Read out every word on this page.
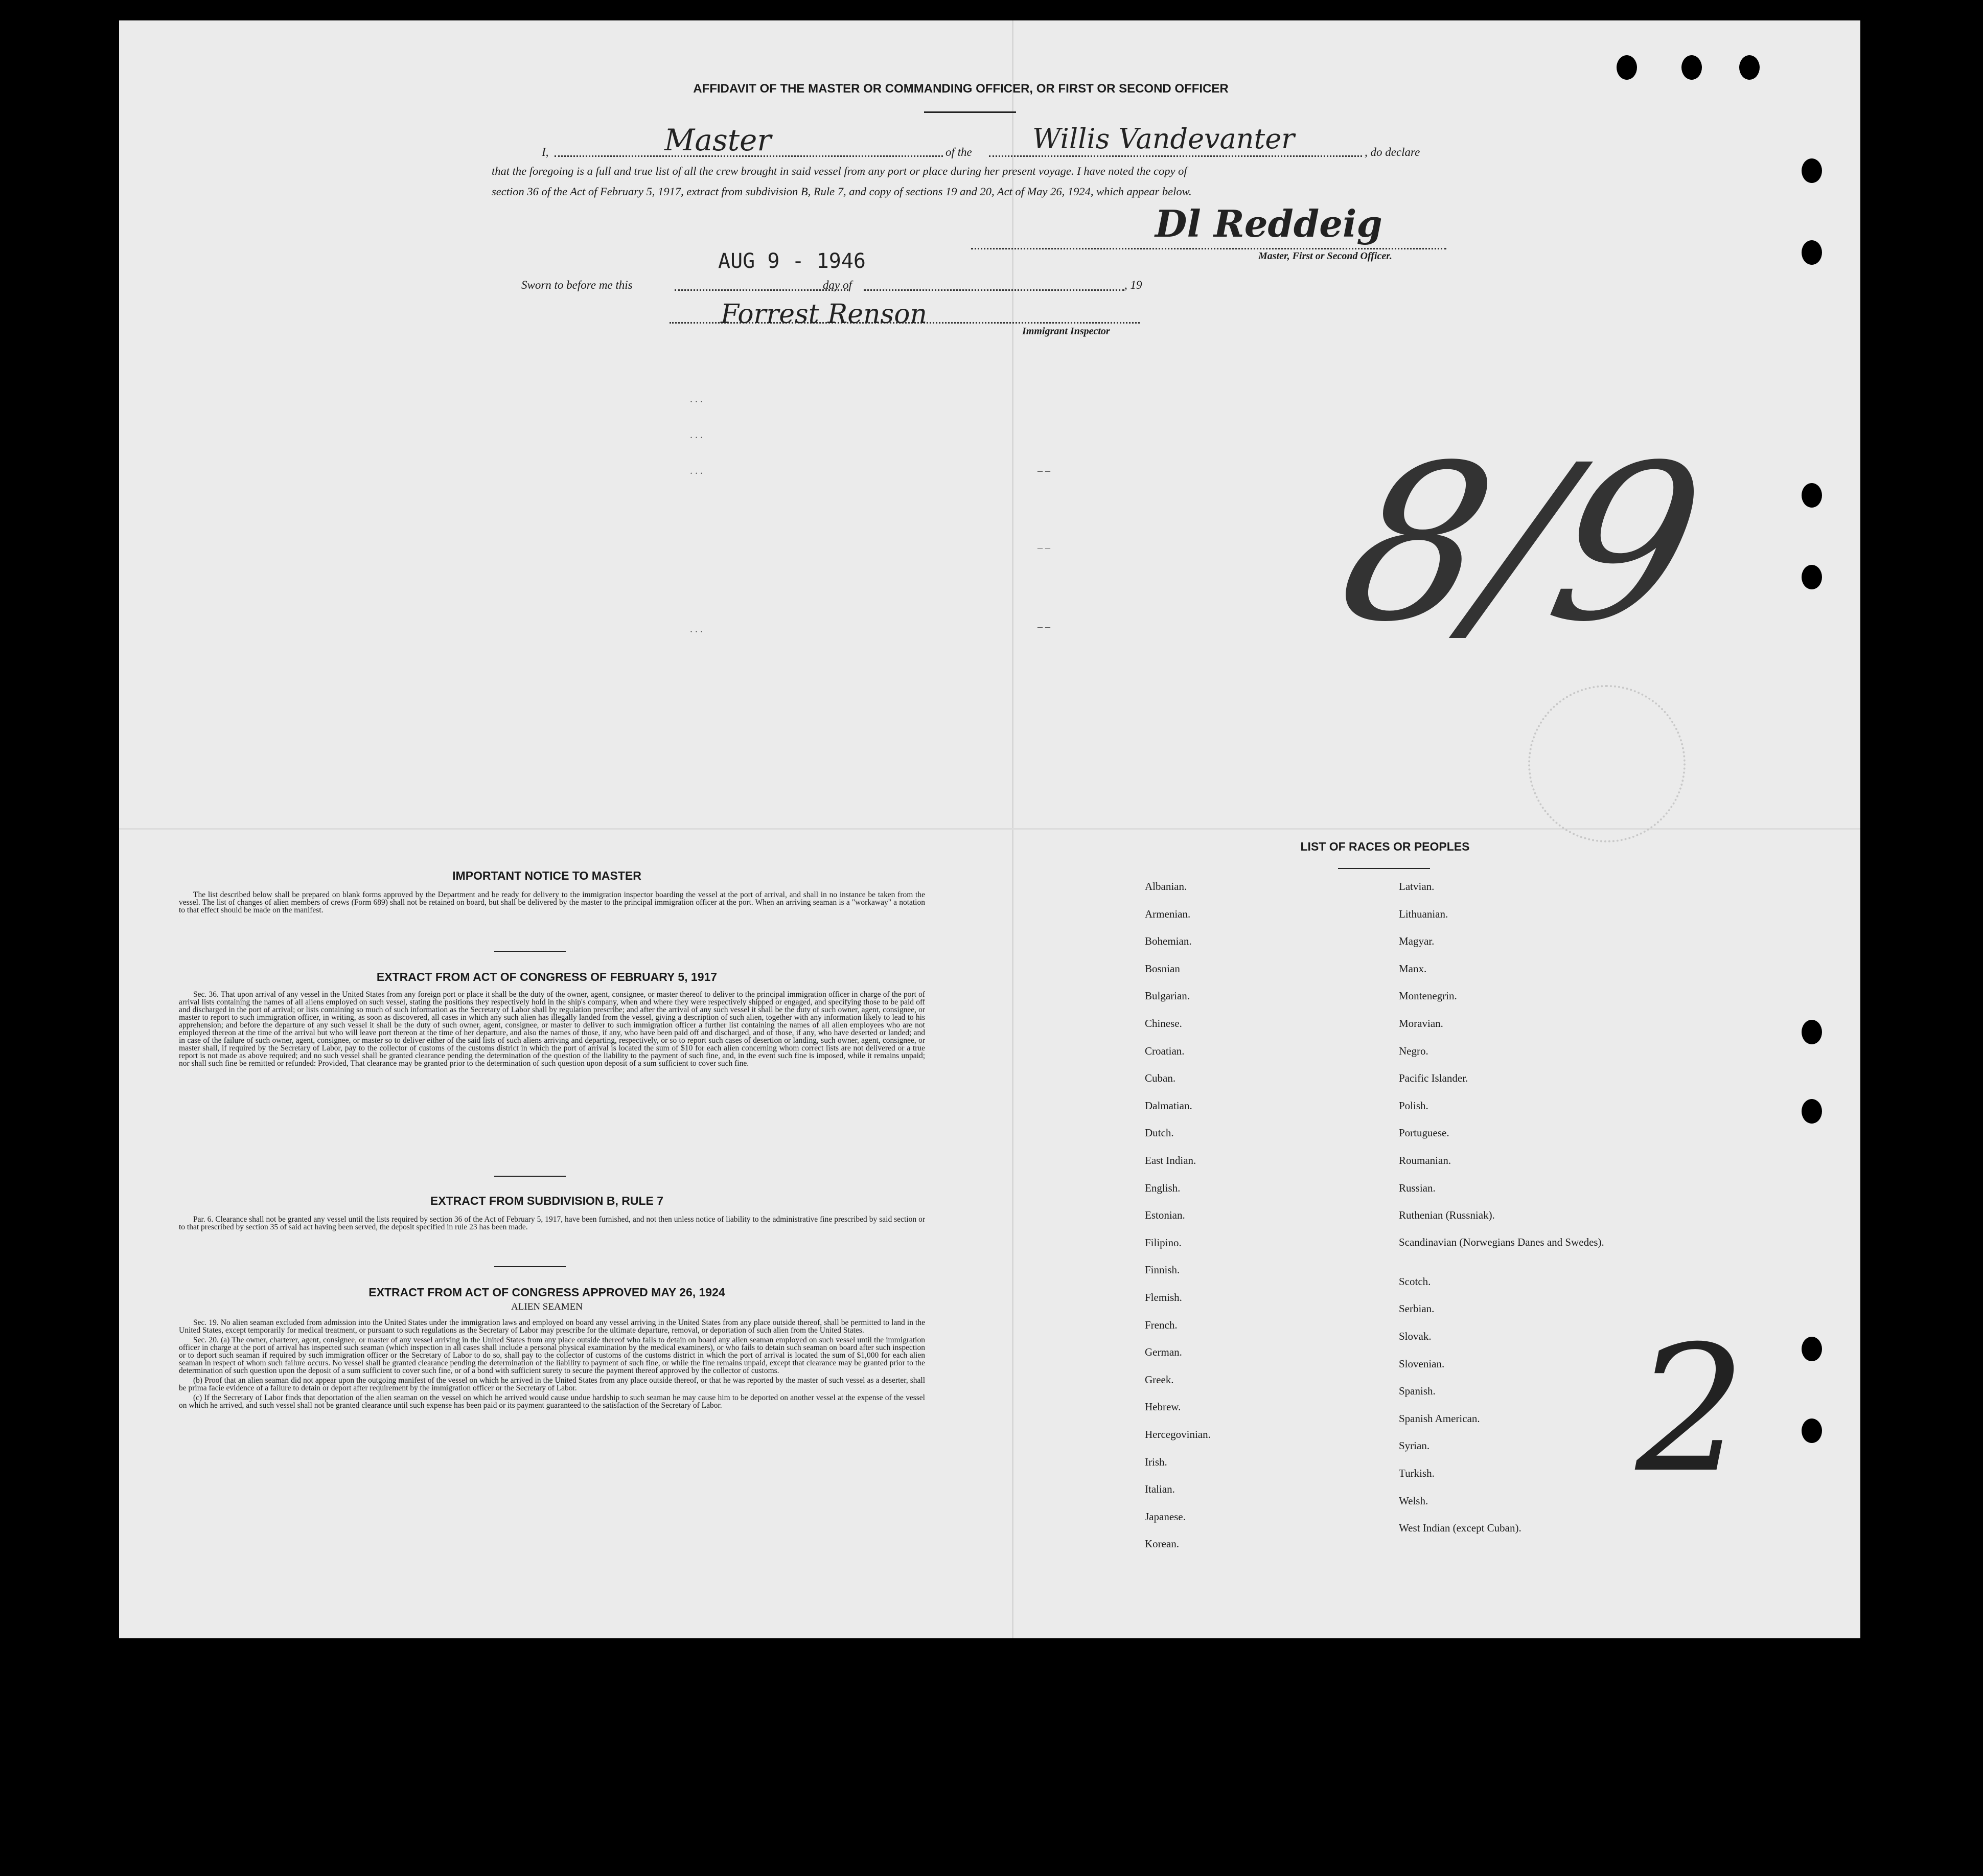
AFFIDAVIT OF THE MASTER OR COMMANDING OFFICER, OR FIRST OR SECOND OFFICER
I,	Master	of the Willis Vandevanter	, do declare
that the foregoing is a full and true list of all the crew brought in said vessel from any port or place during her present voyage. I have noted the copy of
section 36 of the Act of February 5, 1917, extract from subdivision B, Rule 7, and copy of sections 19 and 20, Act of May 26, 1924, which appear below.
Dl Reddeig
Master, First or Second Officer.
Sworn to before me this
AUG 9 - 1946
day of	, 19
Forrest Renson
Immigrant Inspector
. . .
. . .
. . .
. . .
– –
– –
– – 8/9
IMPORTANT NOTICE TO MASTER

The list described below shall be prepared on blank forms approved by the Department and be ready for delivery to the immigration inspector boarding the vessel at the port of arrival, and shall in no instance be taken from the vessel. The list of changes of alien members of crews (Form 689) shall not be retained on board, but shall be delivered by the master to the principal immigration officer at the port. When an arriving seaman is a "workaway" a notation to that effect should be made on the manifest.

EXTRACT FROM ACT OF CONGRESS OF FEBRUARY 5, 1917

Sec. 36. That upon arrival of any vessel in the United States from any foreign port or place it shall be the duty of the owner, agent, consignee, or master thereof to deliver to the principal immigration officer in charge of the port of arrival lists containing the names of all aliens employed on such vessel, stating the positions they respectively hold in the ship's company, when and where they were respectively shipped or engaged, and specifying those to be paid off and discharged in the port of arrival; or lists containing so much of such information as the Secretary of Labor shall by regulation prescribe; and after the arrival of any such vessel it shall be the duty of such owner, agent, consignee, or master to report to such immigration officer, in writing, as soon as discovered, all cases in which any such alien has illegally landed from the vessel, giving a description of such alien, together with any information likely to lead to his apprehension; and before the departure of any such vessel it shall be the duty of such owner, agent, consignee, or master to deliver to such immigration officer a further list containing the names of all alien employees who are not employed thereon at the time of the arrival but who will leave port thereon at the time of her departure, and also the names of those, if any, who have been paid off and discharged, and of those, if any, who have deserted or landed; and in case of the failure of such owner, agent, consignee, or master so to deliver either of the said lists of such aliens arriving and departing, respectively, or so to report such cases of desertion or landing, such owner, agent, consignee, or master shall, if required by the Secretary of Labor, pay to the collector of customs of the customs district in which the port of arrival is located the sum of $10 for each alien concerning whom correct lists are not delivered or a true report is not made as above required; and no such vessel shall be granted clearance pending the determination of the question of the liability to the payment of such fine, and, in the event such fine is imposed, while it remains unpaid; nor shall such fine be remitted or refunded: Provided, That clearance may be granted prior to the determination of such question upon deposit of a sum sufficient to cover such fine.

EXTRACT FROM SUBDIVISION B, RULE 7

Par. 6. Clearance shall not be granted any vessel until the lists required by section 36 of the Act of February 5, 1917, have been furnished, and not then unless notice of liability to the administrative fine prescribed by said section or to that prescribed by section 35 of said act having been served, the deposit specified in rule 23 has been made.

EXTRACT FROM ACT OF CONGRESS APPROVED MAY 26, 1924
ALIEN SEAMEN

Sec. 19. No alien seaman excluded from admission into the United States under the immigration laws and employed on board any vessel arriving in the United States from any place outside thereof, shall be permitted to land in the United States, except temporarily for medical treatment, or pursuant to such regulations as the Secretary of Labor may prescribe for the ultimate departure, removal, or deportation of such alien from the United States.

Sec. 20. (a) The owner, charterer, agent, consignee, or master of any vessel arriving in the United States from any place outside thereof who fails to detain on board any alien seaman employed on such vessel until the immigration officer in charge at the port of arrival has inspected such seaman (which inspection in all cases shall include a personal physical examination by the medical examiners), or who fails to detain such seaman on board after such inspection or to deport such seaman if required by such immigration officer or the Secretary of Labor to do so, shall pay to the collector of customs of the customs district in which the port of arrival is located the sum of $1,000 for each alien seaman in respect of whom such failure occurs. No vessel shall be granted clearance pending the determination of the liability to payment of such fine, or while the fine remains unpaid, except that clearance may be granted prior to the determination of such question upon the deposit of a sum sufficient to cover such fine, or of a bond with sufficient surety to secure the payment thereof approved by the collector of customs.

(b) Proof that an alien seaman did not appear upon the outgoing manifest of the vessel on which he arrived in the United States from any place outside thereof, or that he was reported by the master of such vessel as a deserter, shall be prima facie evidence of a failure to detain or deport after requirement by the immigration officer or the Secretary of Labor.

(c) If the Secretary of Labor finds that deportation of the alien seaman on the vessel on which he arrived would cause undue hardship to such seaman he may cause him to be deported on another vessel at the expense of the vessel on which he arrived, and such vessel shall not be granted clearance until such expense has been paid or its payment guaranteed to the satisfaction of the Secretary of Labor.

LIST OF RACES OR PEOPLES
Albanian.
Armenian.
Bohemian.
Bosnian
Bulgarian.
Chinese.
Croatian.
Cuban.
Dalmatian.
Dutch.
East Indian.
English.
Estonian.
Filipino.
Finnish.
Flemish.
French.
German.
Greek.
Hebrew.
Hercegovinian.
Irish.
Italian.
Japanese.
Korean.
Latvian.
Lithuanian.
Magyar.
Manx.
Montenegrin.
Moravian.
Negro.
Pacific Islander.
Polish.
Portuguese.
Roumanian.
Russian.
Ruthenian (Russniak).
Scandinavian (Norwegians Danes and Swedes).
Scotch.
Serbian.
Slovak.
Slovenian.
Spanish.
Spanish American.
Syrian.
Turkish.
Welsh.
West Indian (except Cuban).
2
